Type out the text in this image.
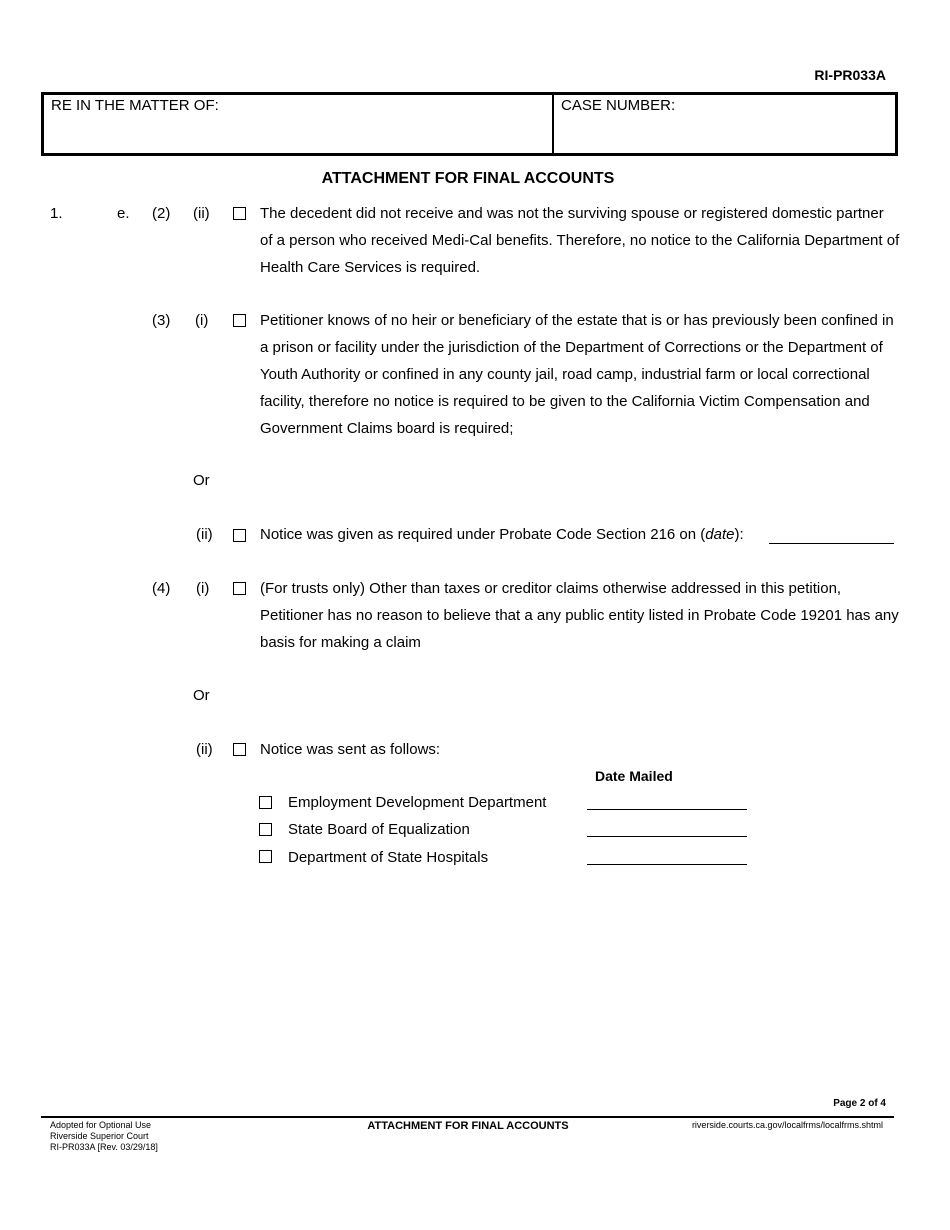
RI-PR033A
RE IN THE MATTER OF:	CASE NUMBER:
ATTACHMENT FOR FINAL ACCOUNTS
1.	e. (2) (ii)	The decedent did not receive and was not the surviving spouse or registered domestic partner of a person who received Medi-Cal benefits. Therefore, no notice to the California Department of Health Care Services is required.
(3) (i)	Petitioner knows of no heir or beneficiary of the estate that is or has previously been confined in a prison or facility under the jurisdiction of the Department of Corrections or the Department of Youth Authority or confined in any county jail, road camp, industrial farm or local correctional facility, therefore no notice is required to be given to the California Victim Compensation and Government Claims board is required;
Or
(ii)	Notice was given as required under Probate Code Section 216 on (date):
(4) (i)	(For trusts only) Other than taxes or creditor claims otherwise addressed in this petition, Petitioner has no reason to believe that a any public entity listed in Probate Code 19201 has any basis for making a claim
Or
(ii)	Notice was sent as follows:
Date Mailed
Employment Development Department
State Board of Equalization
Department of State Hospitals
Page 2 of 4
Adopted for Optional Use
Riverside Superior Court
RI-PR033A [Rev. 03/29/18]
ATTACHMENT FOR FINAL ACCOUNTS	riverside.courts.ca.gov/localfrms/localfrms.shtml
